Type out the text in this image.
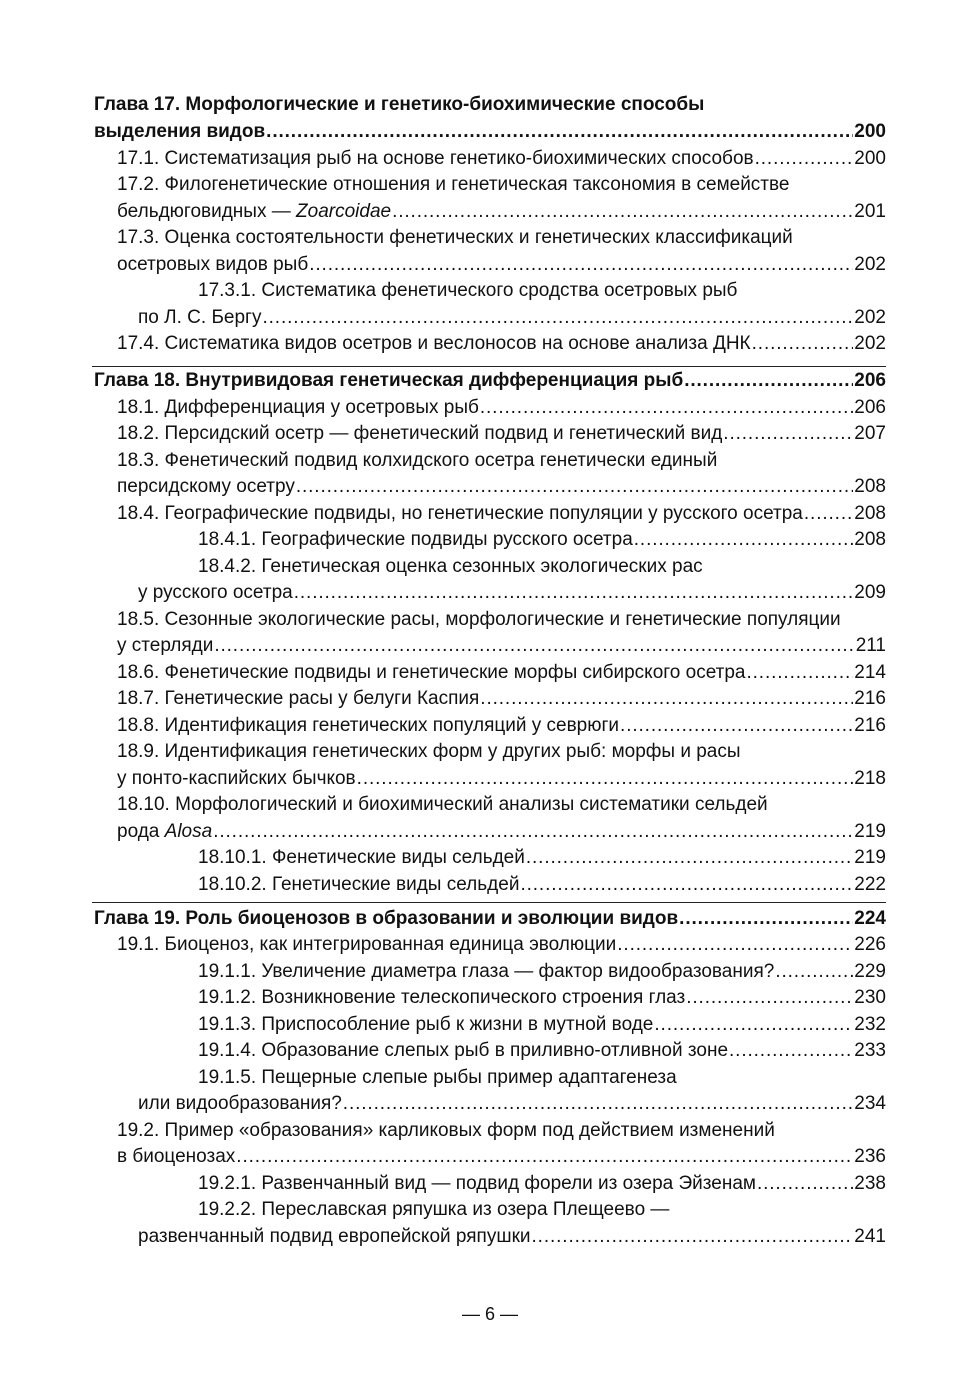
Глава 17. Морфологические и генетико-биохимические способы
выделения видов . . .	200
17.1. Систематизация рыб на основе генетико-биохимических способов . . .	200
17.2. Филогенетические отношения и генетическая таксономия в семействе
бельдюговидных — Zoarcoidae . . .	201
17.3. Оценка состоятельности фенетических и генетических классификаций
осетровых видов рыб . . .	202
17.3.1. Систематика фенетического сродства осетровых рыб
по Л. С. Бергу . . .	202
17.4. Систематика видов осетров и веслоносов на основе анализа ДНК . . .	202
Глава 18. Внутривидовая генетическая дифференциация рыб . . .	206
18.1. Дифференциация у осетровых рыб . . .	206
18.2. Персидский осетр — фенетический подвид и генетический вид . . .	207
18.3. Фенетический подвид колхидского осетра генетически единый
персидскому осетру . . .	208
18.4. Географические подвиды, но генетические популяции у русского осетра . . .	208
18.4.1. Географические подвиды русского осетра . . .	208
18.4.2. Генетическая оценка сезонных экологических рас
у русского осетра . . .	209
18.5. Сезонные экологические расы, морфологические и генетические популяции
у стерляди . . .	211
18.6. Фенетические подвиды и генетические морфы сибирского осетра . . .	214
18.7. Генетические расы у белуги Каспия . . .	216
18.8. Идентификация генетических популяций у севрюги . . .	216
18.9. Идентификация генетических форм у других рыб: морфы и расы
у понто-каспийских бычков . . .	218
18.10. Морфологический и биохимический анализы систематики сельдей
рода Alosa . . .	219
18.10.1. Фенетические виды сельдей . . .	219
18.10.2. Генетические виды сельдей . . .	222
Глава 19. Роль биоценозов в образовании и эволюции видов . . .	224
19.1. Биоценоз, как интегрированная единица эволюции . . .	226
19.1.1. Увеличение диаметра глаза — фактор видообразования? . . .	229
19.1.2. Возникновение телескопического строения глаз . . .	230
19.1.3. Приспособление рыб к жизни в мутной воде . . .	232
19.1.4. Образование слепых рыб в приливно-отливной зоне . . .	233
19.1.5. Пещерные слепые рыбы пример адаптагенеза
или видообразования? . . .	234
19.2. Пример «образования» карликовых форм под действием изменений
в биоценозах . . .	236
19.2.1. Развенчанный вид — подвид форели из озера Эйзенам . . .	238
19.2.2. Переславская ряпушка из озера Плещеево —
развенчанный подвид европейской ряпушки . . .	241
— 6 —
